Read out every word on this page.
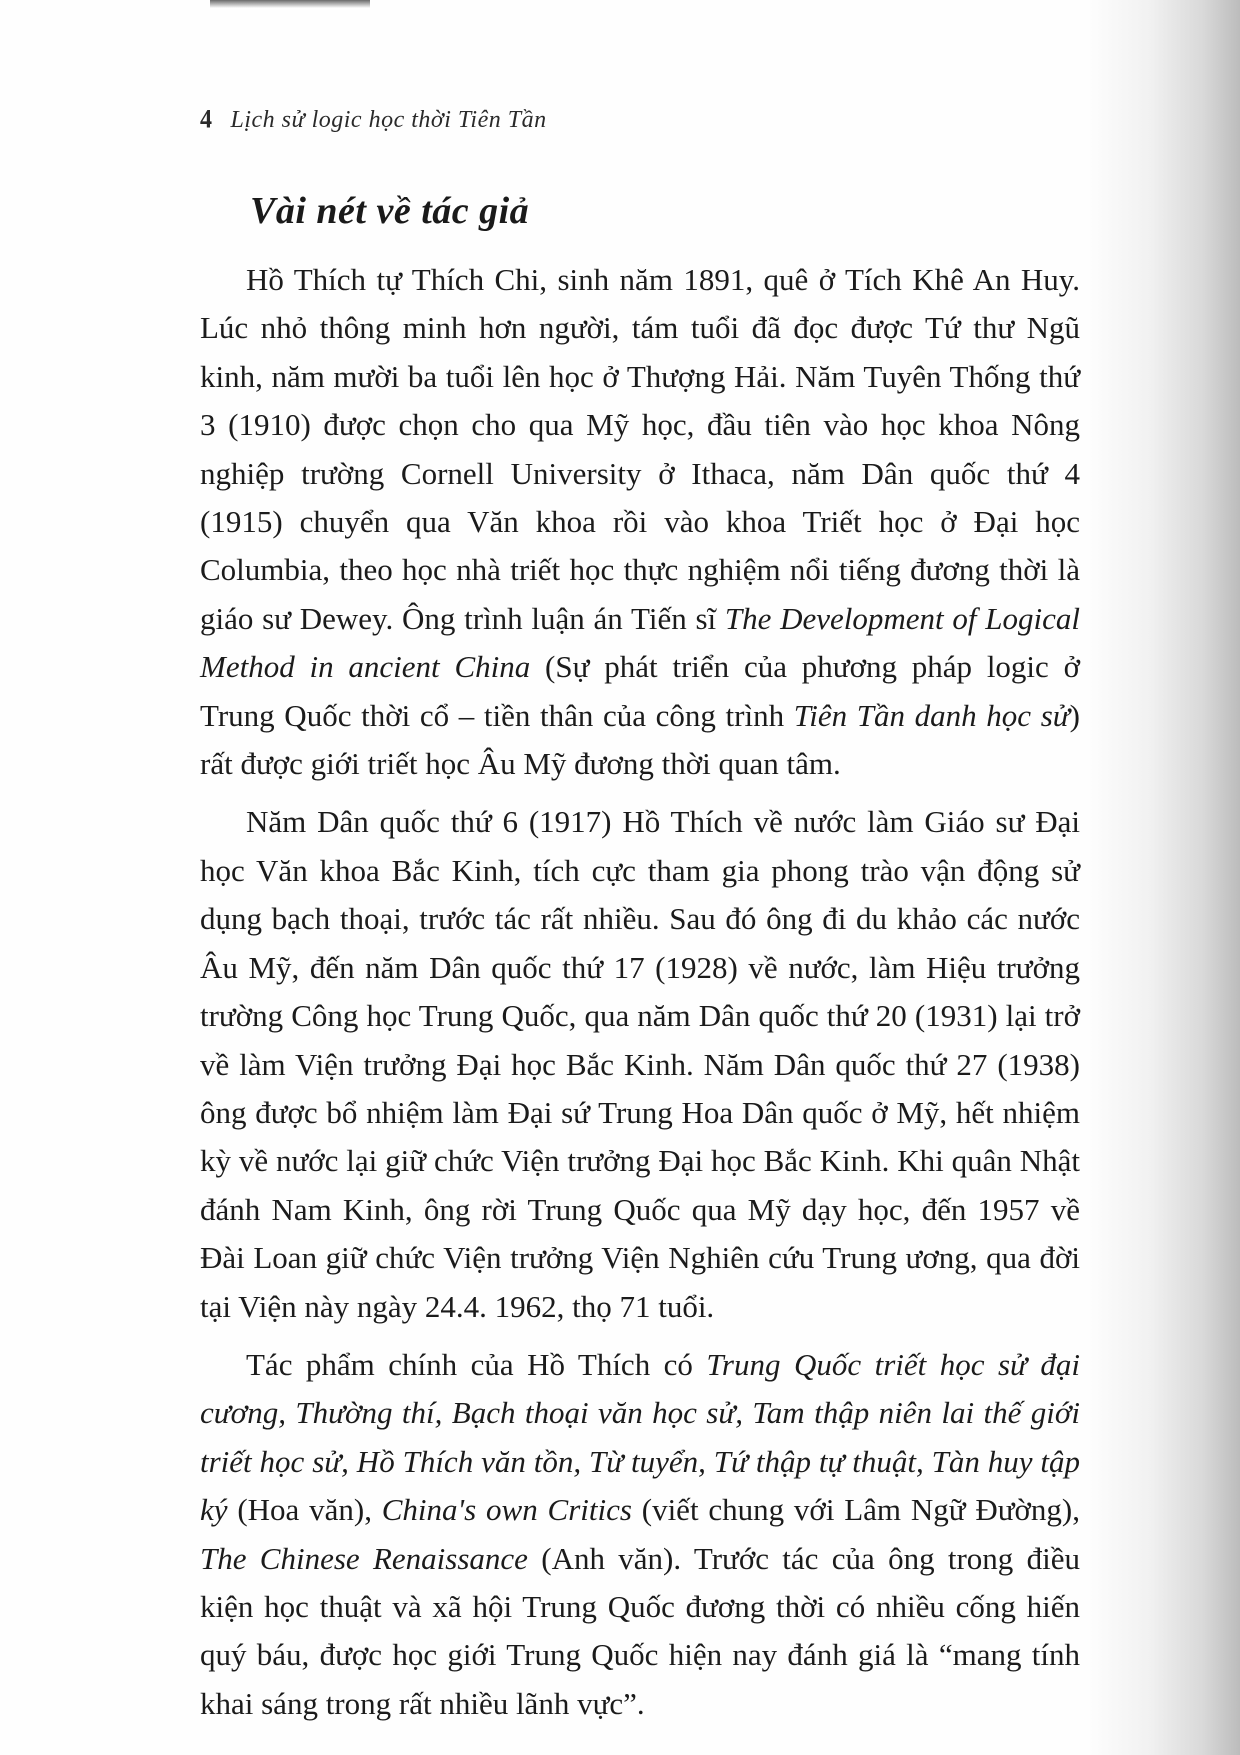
4 Lịch sử logic học thời Tiên Tần
Vài nét về tác giả

Hồ Thích tự Thích Chi, sinh năm 1891, quê ở Tích Khê An Huy. Lúc nhỏ thông minh hơn người, tám tuổi đã đọc được Tứ thư Ngũ kinh, năm mười ba tuổi lên học ở Thượng Hải. Năm Tuyên Thống thứ 3 (1910) được chọn cho qua Mỹ học, đầu tiên vào học khoa Nông nghiệp trường Cornell University ở Ithaca, năm Dân quốc thứ 4 (1915) chuyển qua Văn khoa rồi vào khoa Triết học ở Đại học Columbia, theo học nhà triết học thực nghiệm nổi tiếng đương thời là giáo sư Dewey. Ông trình luận án Tiến sĩ The Development of Logical Method in ancient China (Sự phát triển của phương pháp logic ở Trung Quốc thời cổ – tiền thân của công trình Tiên Tần danh học sử) rất được giới triết học Âu Mỹ đương thời quan tâm.

Năm Dân quốc thứ 6 (1917) Hồ Thích về nước làm Giáo sư Đại học Văn khoa Bắc Kinh, tích cực tham gia phong trào vận động sử dụng bạch thoại, trước tác rất nhiều. Sau đó ông đi du khảo các nước Âu Mỹ, đến năm Dân quốc thứ 17 (1928) về nước, làm Hiệu trưởng trường Công học Trung Quốc, qua năm Dân quốc thứ 20 (1931) lại trở về làm Viện trưởng Đại học Bắc Kinh. Năm Dân quốc thứ 27 (1938) ông được bổ nhiệm làm Đại sứ Trung Hoa Dân quốc ở Mỹ, hết nhiệm kỳ về nước lại giữ chức Viện trưởng Đại học Bắc Kinh. Khi quân Nhật đánh Nam Kinh, ông rời Trung Quốc qua Mỹ dạy học, đến 1957 về Đài Loan giữ chức Viện trưởng Viện Nghiên cứu Trung ương, qua đời tại Viện này ngày 24.4. 1962, thọ 71 tuổi.

Tác phẩm chính của Hồ Thích có Trung Quốc triết học sử đại cương, Thường thí, Bạch thoại văn học sử, Tam thập niên lai thế giới triết học sử, Hồ Thích văn tồn, Từ tuyển, Tứ thập tự thuật, Tàn huy tập ký (Hoa văn), China's own Critics (viết chung với Lâm Ngữ Đường), The Chinese Renaissance (Anh văn). Trước tác của ông trong điều kiện học thuật và xã hội Trung Quốc đương thời có nhiều cống hiến quý báu, được học giới Trung Quốc hiện nay đánh giá là “mang tính khai sáng trong rất nhiều lãnh vực”.
